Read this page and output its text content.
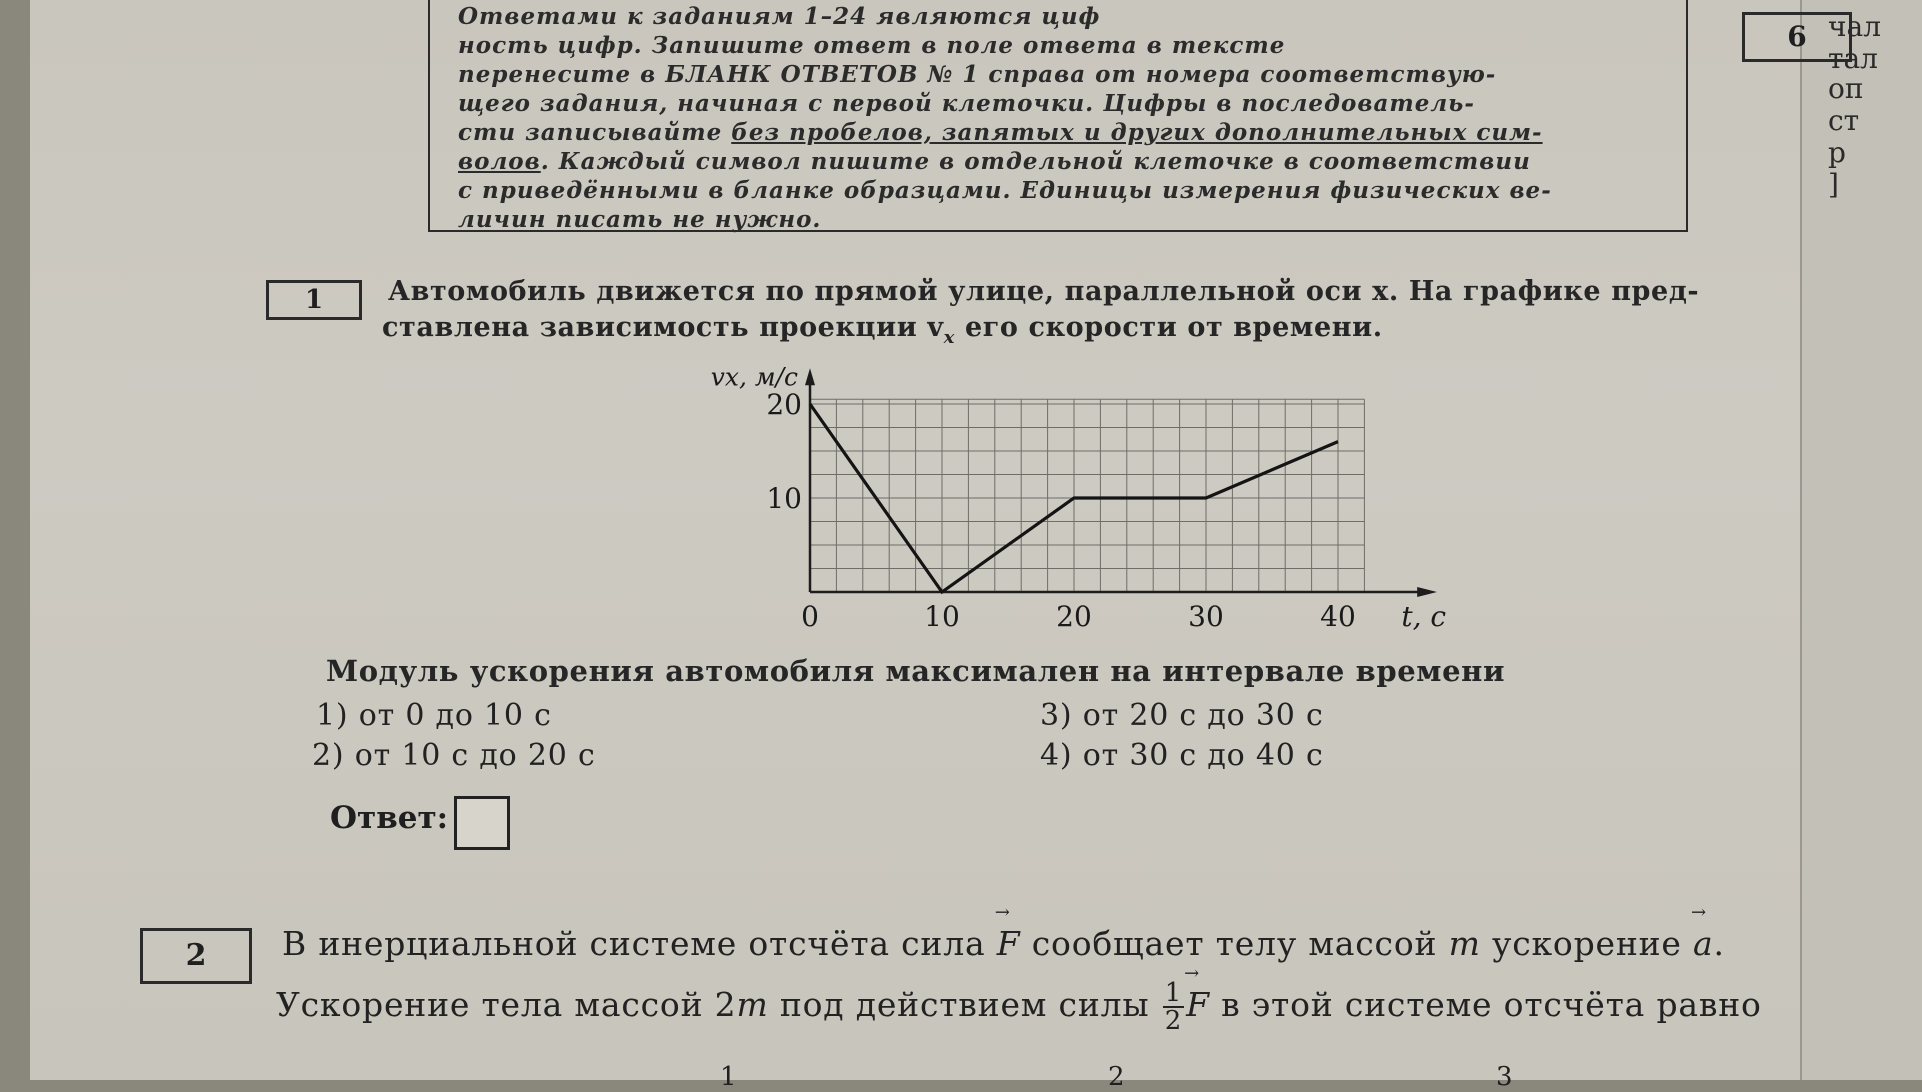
Ответами к заданиям 1–24 являются циф
ность цифр. Запишите ответ в поле ответа в тексте
перенесите в БЛАНК ОТВЕТОВ № 1 справа от номера соответствую-
щего задания, начиная с первой клеточки. Цифры в последователь-
сти записывайте без пробелов, запятых и других дополнительных сим-
волов. Каждый символ пишите в отдельной клеточке в соответствии
с приведёнными в бланке образцами. Единицы измерения физических ве-
личин писать не нужно.
1	Автомобиль движется по прямой улице, параллельной оси x. На графике пред-
ставлена зависимость проекции $v_x$ его скорости от времени.
0	10	20	30	40
10
20
t, с
vx, м/с
Модуль ускорения автомобиля максимален на интервале времени
1) от 0 до 10 с
2) от 10 с до 20 с
3) от 20 с до 30 с
4) от 30 с до 40 с
Ответ:
2	В инерциальной системе отсчёта сила → F сообщает телу массой m ускорение → a.
Ускорение тела массой 2m под действием силы $\frac{1}{2}$
→ F в этой системе отсчёта равно
1	2	3
6 чал
тал
оп
ст
р
]
